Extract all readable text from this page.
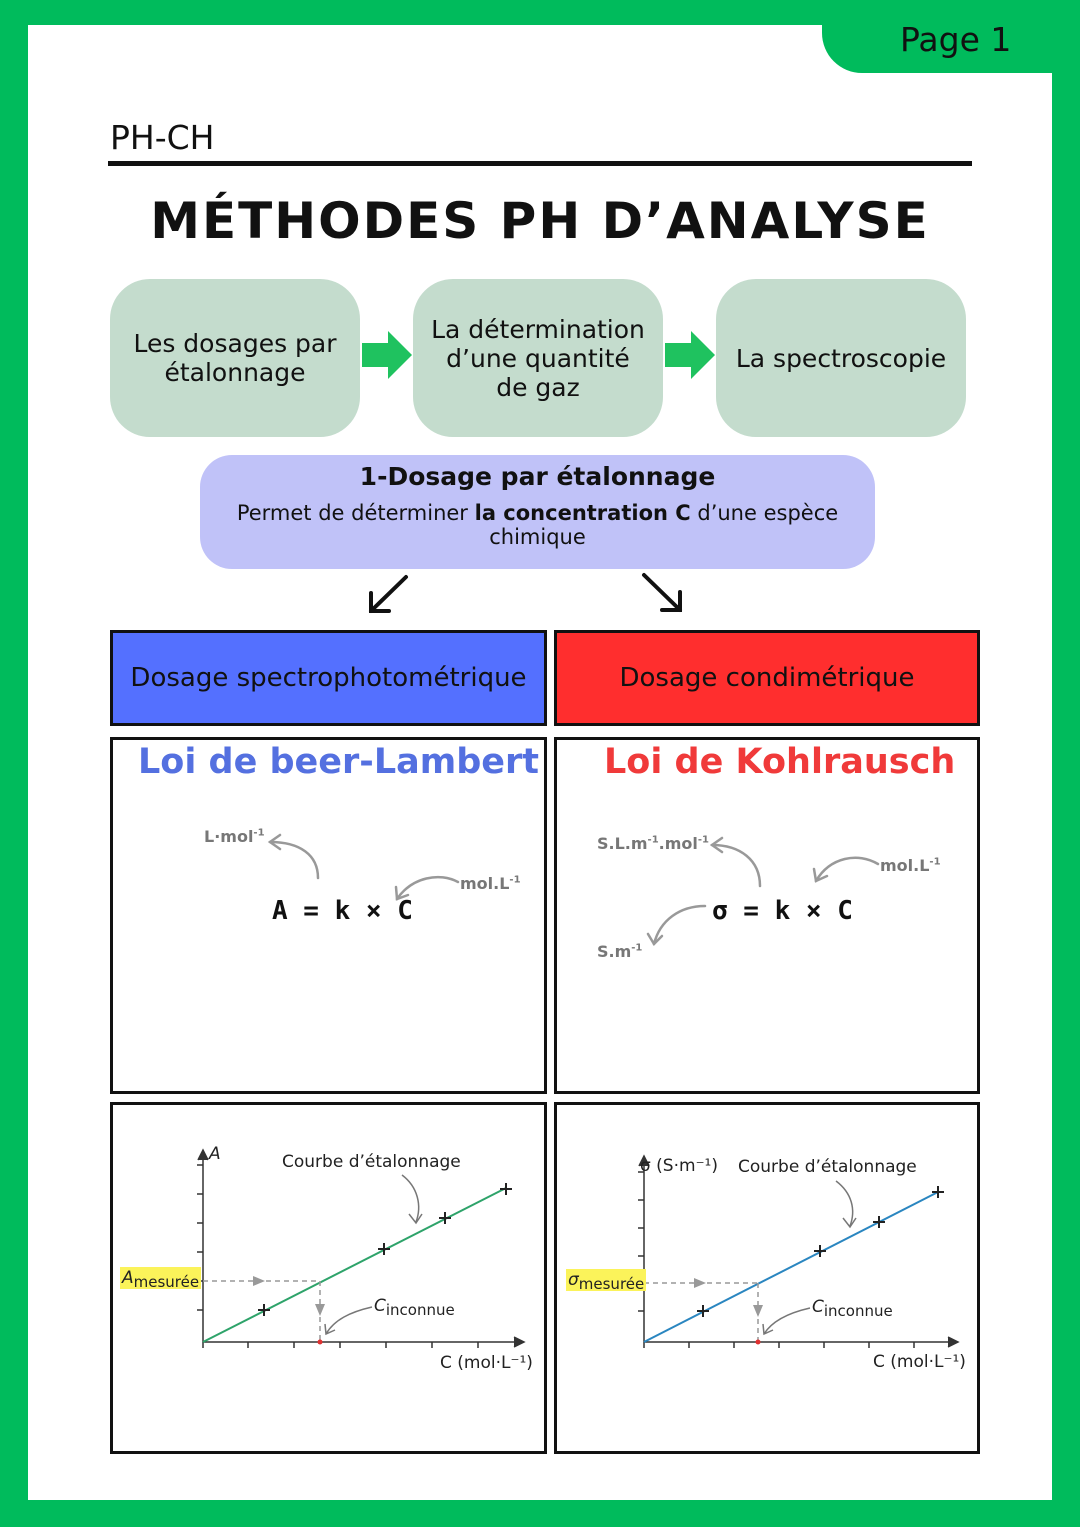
Page 1
PH-CH
MÉTHODES PH D’ANALYSE
Les dosages par étalonnage
La détermination d’une quantité de gaz
La spectroscopie
1-Dosage par étalonnage
Permet de déterminer la concentration C d’une espèce chimique
Dosage spectrophotométrique	Dosage condimétrique
Loi de beer-Lambert Loi de Kohlrausch
A = k × C
L·mol$^{-1}$
$mol.L^{-1}$
σ = k × C
$S.L.m^{-1}.mol^{-1}$
$mol.L^{-1}$
$S.m^{-1}$
A	Courbe d’étalonnage
$A_{mesurée}$
$C_{inconnue}$
C (mol·L⁻¹)
σ (S·m⁻¹) Courbe d’étalonnage
$\sigma_{mesurée}$
$C_{inconnue}$
C (mol·L⁻¹)
